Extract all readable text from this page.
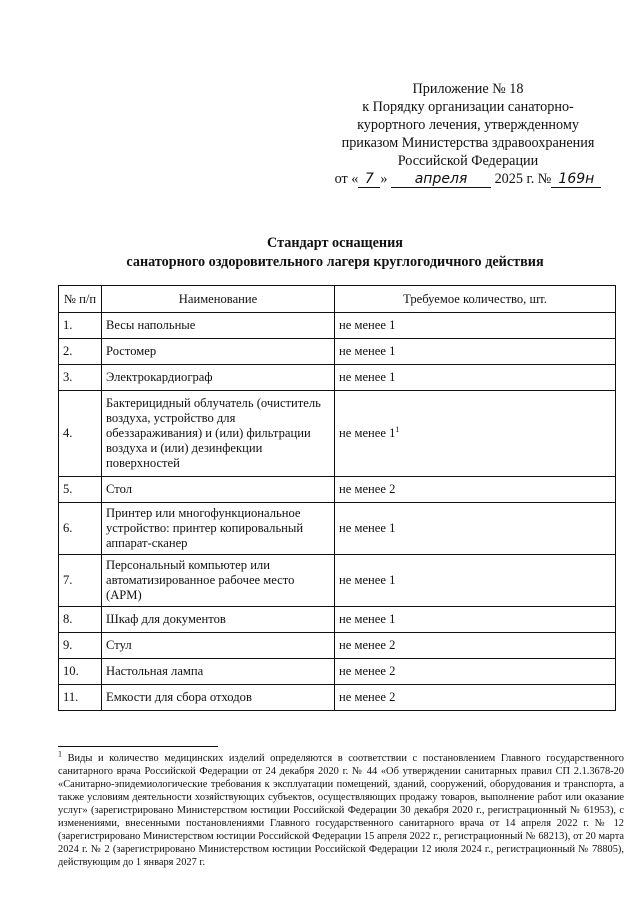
Приложение № 18
к Порядку организации санаторно-
курортного лечения, утвержденному
приказом Министерства здравоохранения
Российской Федерации
от « 7 » апреля 2025 г. № 169н
Стандарт оснащения
санаторного оздоровительного лагеря круглогодичного действия
№ п/п	Наименование	Требуемое количество, шт.
1.	Весы напольные	не менее 1
2.	Ростомер	не менее 1
3.	Электрокардиограф	не менее 1
4.	Бактерицидный облучатель (очиститель воздуха, устройство для обеззараживания) и (или) фильтрации воздуха и (или) дезинфекции поверхностей	не менее $1^1$
5.	Стол	не менее 2
6.	Принтер или многофункциональное устройство: принтер копировальный аппарат-сканер	не менее 1
7.	Персональный компьютер или автоматизированное рабочее место (АРМ)	не менее 1
8.	Шкаф для документов	не менее 1
9.	Стул	не менее 2
10.	Настольная лампа	не менее 2
11.	Емкости для сбора отходов	не менее 2
$^1$ Виды и количество медицинских изделий определяются в соответствии с постановлением Главного государственного санитарного врача Российской Федерации от 24 декабря 2020 г. № 44 «Об утверждении санитарных правил СП 2.1.3678-20 «Санитарно-эпидемиологические требования к эксплуатации помещений, зданий, сооружений, оборудования и транспорта, а также условиям деятельности хозяйствующих субъектов, осуществляющих продажу товаров, выполнение работ или оказание услуг» (зарегистрировано Министерством юстиции Российской Федерации 30 декабря 2020 г., регистрационный № 61953), с изменениями, внесенными постановлениями Главного государственного санитарного врача от 14 апреля 2022 г. № 12 (зарегистрировано Министерством юстиции Российской Федерации 15 апреля 2022 г., регистрационный № 68213), от 20 марта 2024 г. № 2 (зарегистрировано Министерством юстиции Российской Федерации 12 июля 2024 г., регистрационный № 78805), действующим до 1 января 2027 г.
